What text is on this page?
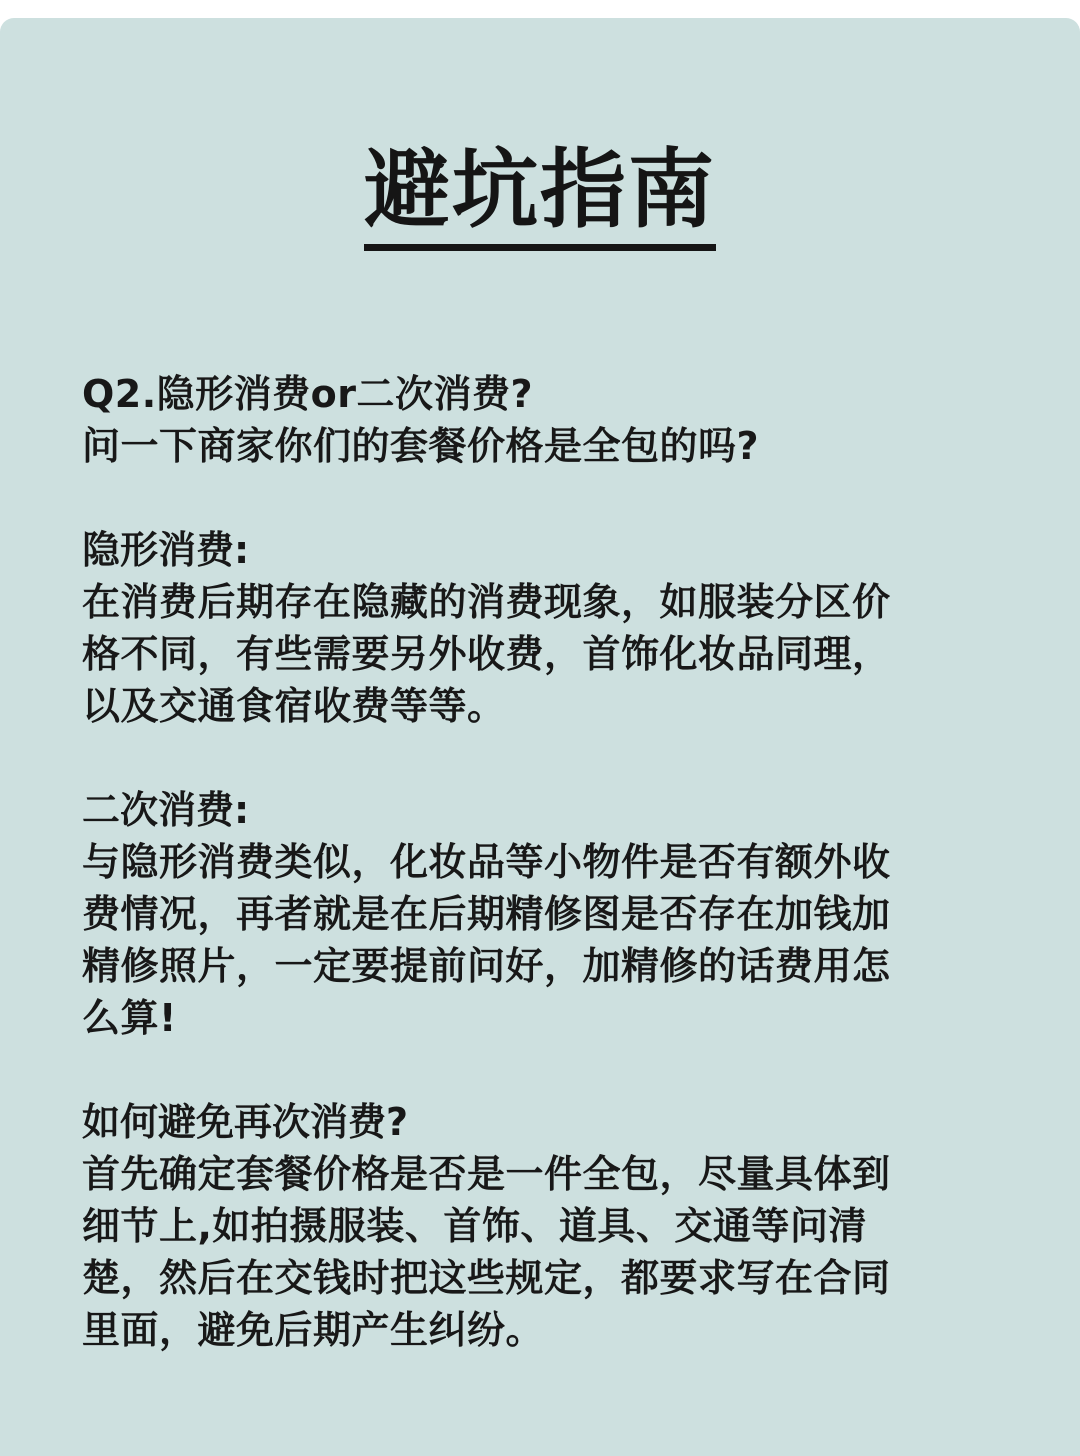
避坑指南
Q2.隐形消费or二次消费?
问一下商家你们的套餐价格是全包的吗?
隐形消费:
在消费后期存在隐藏的消费现象，如服装分区价
格不同，有些需要另外收费，首饰化妆品同理，
以及交通食宿收费等等。
二次消费:
与隐形消费类似，化妆品等小物件是否有额外收
费情况，再者就是在后期精修图是否存在加钱加
精修照片，一定要提前问好，加精修的话费用怎
么算!
如何避免再次消费?
首先确定套餐价格是否是一件全包，尽量具体到
细节上,如拍摄服装、首饰、道具、交通等问清
楚，然后在交钱时把这些规定，都要求写在合同
里面，避免后期产生纠纷。
